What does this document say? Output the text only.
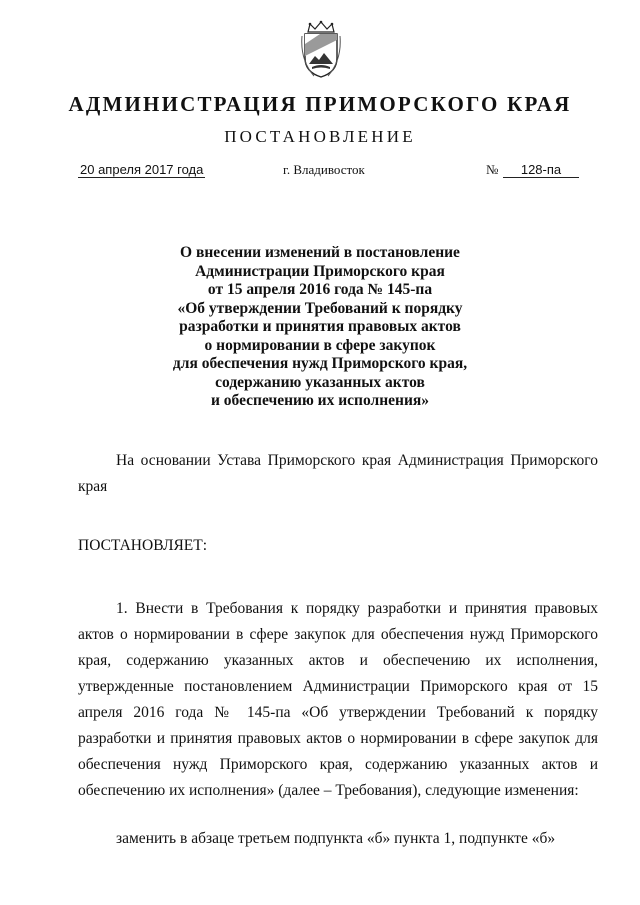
АДМИНИСТРАЦИЯ ПРИМОРСКОГО КРАЯ
ПОСТАНОВЛЕНИЕ
20 апреля 2017 года	г. Владивосток	№	128-па
О внесении изменений в постановление
Администрации Приморского края
от 15 апреля 2016 года № 145-па
«Об утверждении Требований к порядку
разработки и принятия правовых актов
о нормировании в сфере закупок
для обеспечения нужд Приморского края,
содержанию указанных актов
и обеспечению их исполнения»
На основании Устава Приморского края Администрация Приморского края
ПОСТАНОВЛЯЕТ:
1. Внести в Требования к порядку разработки и принятия правовых актов о нормировании в сфере закупок для обеспечения нужд Приморского края, содержанию указанных актов и обеспечению их исполнения, утвержденные постановлением Администрации Приморского края от 15 апреля 2016 года № 145-па «Об утверждении Требований к порядку разработки и принятия правовых актов о нормировании в сфере закупок для обеспечения нужд Приморского края, содержанию указанных актов и обеспечению их исполнения» (далее – Требования), следующие изменения:
заменить в абзаце третьем подпункта «б» пункта 1, подпункте «б»
